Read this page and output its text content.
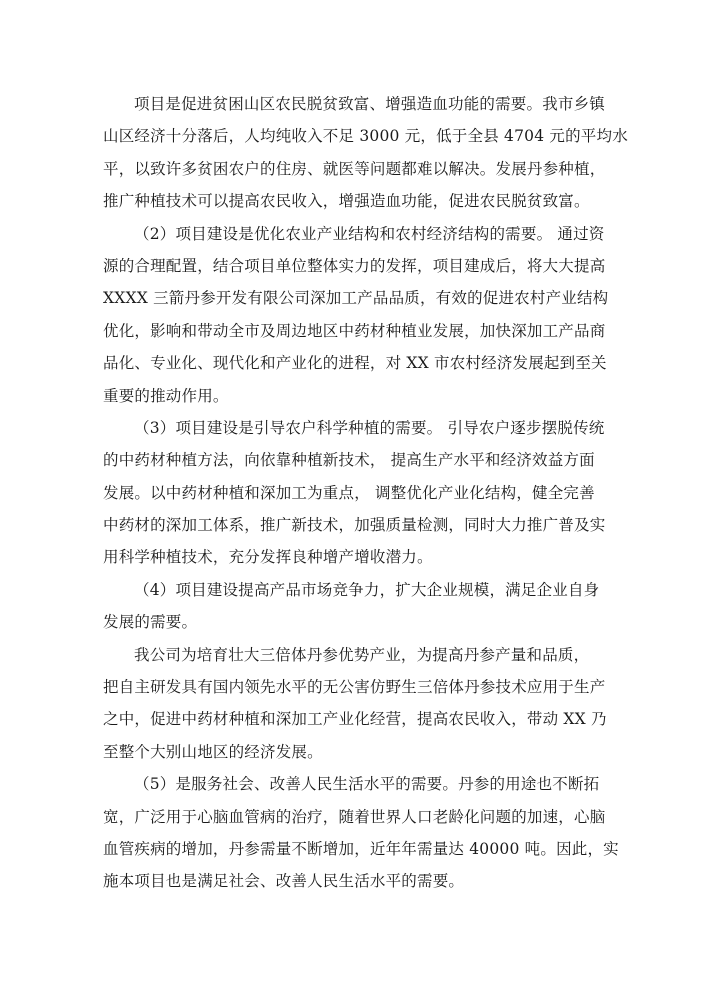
项目是促进贫困山区农民脱贫致富、增强造血功能的需要。我市乡镇
山区经济十分落后，人均纯收入不足 3000 元，低于全县 4704 元的平均水
平，以致许多贫困农户的住房、就医等问题都难以解决。发展丹参种植，
推广种植技术可以提高农民收入，增强造血功能，促进农民脱贫致富。
（2）项目建设是优化农业产业结构和农村经济结构的需要。 通过资
源的合理配置，结合项目单位整体实力的发挥，项目建成后，将大大提高
XXXX 三箭丹参开发有限公司深加工产品品质，有效的促进农村产业结构
优化，影响和带动全市及周边地区中药材种植业发展，加快深加工产品商
品化、专业化、现代化和产业化的进程，对 XX 市农村经济发展起到至关
重要的推动作用。
（3）项目建设是引导农户科学种植的需要。 引导农户逐步摆脱传统
的中药材种植方法，向依靠种植新技术， 提高生产水平和经济效益方面
发展。以中药材种植和深加工为重点， 调整优化产业化结构，健全完善
中药材的深加工体系，推广新技术，加强质量检测，同时大力推广普及实
用科学种植技术，充分发挥良种增产增收潜力。
（4）项目建设提高产品市场竞争力，扩大企业规模，满足企业自身
发展的需要。
我公司为培育壮大三倍体丹参优势产业，为提高丹参产量和品质，
把自主研发具有国内领先水平的无公害仿野生三倍体丹参技术应用于生产
之中，促进中药材种植和深加工产业化经营，提高农民收入，带动 XX 乃
至整个大别山地区的经济发展。
（5）是服务社会、改善人民生活水平的需要。丹参的用途也不断拓
宽，广泛用于心脑血管病的治疗，随着世界人口老龄化问题的加速，心脑
血管疾病的增加，丹参需量不断增加，近年年需量达 40000 吨。因此，实
施本项目也是满足社会、改善人民生活水平的需要。
